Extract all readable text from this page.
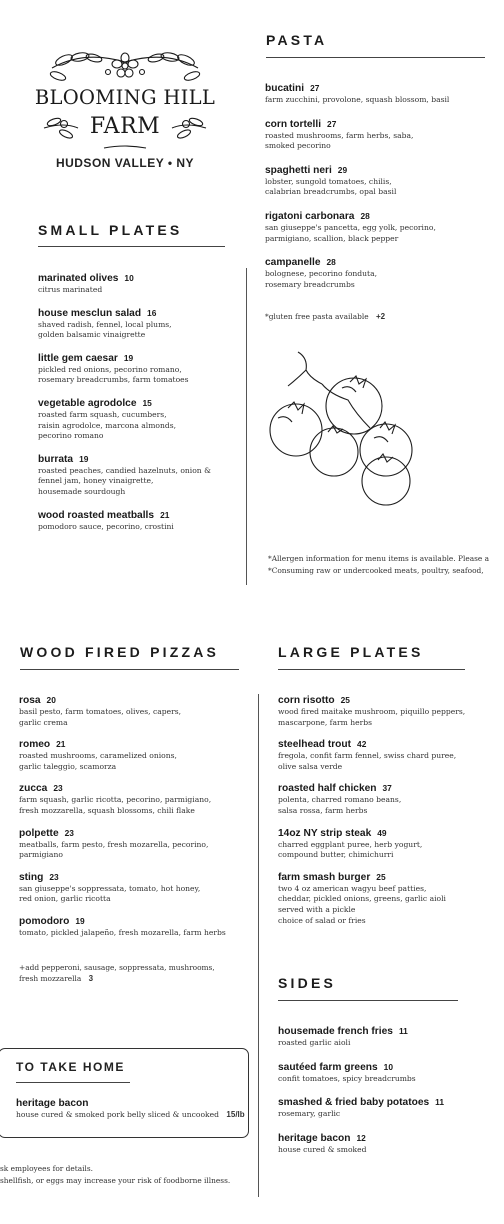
BLOOMING HILL
FARM
HUDSON VALLEY • NY
SMALL PLATES
marinated olives 10
citrus marinated
house mesclun salad 16
shaved radish, fennel, local plums,
golden balsamic vinaigrette
little gem caesar 19
pickled red onions, pecorino romano,
rosemary breadcrumbs, farm tomatoes
vegetable agrodolce 15
roasted farm squash, cucumbers,
raisin agrodolce, marcona almonds,
pecorino romano
burrata 19
roasted peaches, candied hazelnuts, onion &
fennel jam, honey vinaigrette,
housemade sourdough
wood roasted meatballs 21
pomodoro sauce, pecorino, crostini
PASTA
bucatini 27
farm zucchini, provolone, squash blossom, basil
corn tortelli 27
roasted mushrooms, farm herbs, saba,
smoked pecorino
spaghetti neri 29
lobster, sungold tomatoes, chilis,
calabrian breadcrumbs, opal basil
rigatoni carbonara 28
san giuseppe's pancetta, egg yolk, pecorino,
parmigiano, scallion, black pepper
campanelle 28
bolognese, pecorino fonduta,
rosemary breadcrumbs
*gluten free pasta available +2
*Allergen information for menu items is available. Please a
*Consuming raw or undercooked meats, poultry, seafood,
WOOD FIRED PIZZAS
rosa 20
basil pesto, farm tomatoes, olives, capers,
garlic crema
romeo 21
roasted mushrooms, caramelized onions,
garlic taleggio, scamorza
zucca 23
farm squash, garlic ricotta, pecorino, parmigiano,
fresh mozzarella, squash blossoms, chili flake
polpette 23
meatballs, farm pesto, fresh mozarella, pecorino,
parmigiano
sting 23
san giuseppe's soppressata, tomato, hot honey,
red onion, garlic ricotta
pomodoro 19
tomato, pickled jalapeño, fresh mozarella, farm herbs
+add pepperoni, sausage, soppressata, mushrooms,
fresh mozzarella 3
TO TAKE HOME
heritage bacon
house cured & smoked pork belly sliced & uncooked 15/lb
sk employees for details.
shellfish, or eggs may increase your risk of foodborne illness.
LARGE PLATES
corn risotto 25
wood fired maitake mushroom, piquillo peppers,
mascarpone, farm herbs
steelhead trout 42
fregola, confit farm fennel, swiss chard puree,
olive salsa verde
roasted half chicken 37
polenta, charred romano beans,
salsa rossa, farm herbs
14oz NY strip steak 49
charred eggplant puree, herb yogurt,
compound butter, chimichurri
farm smash burger 25
two 4 oz american wagyu beef patties,
cheddar, pickled onions, greens, garlic aioli
served with a pickle
choice of salad or fries
SIDES
housemade french fries 11
roasted garlic aioli
sautéed farm greens 10
confit tomatoes, spicy breadcrumbs
smashed & fried baby potatoes 11
rosemary, garlic
heritage bacon 12
house cured & smoked
